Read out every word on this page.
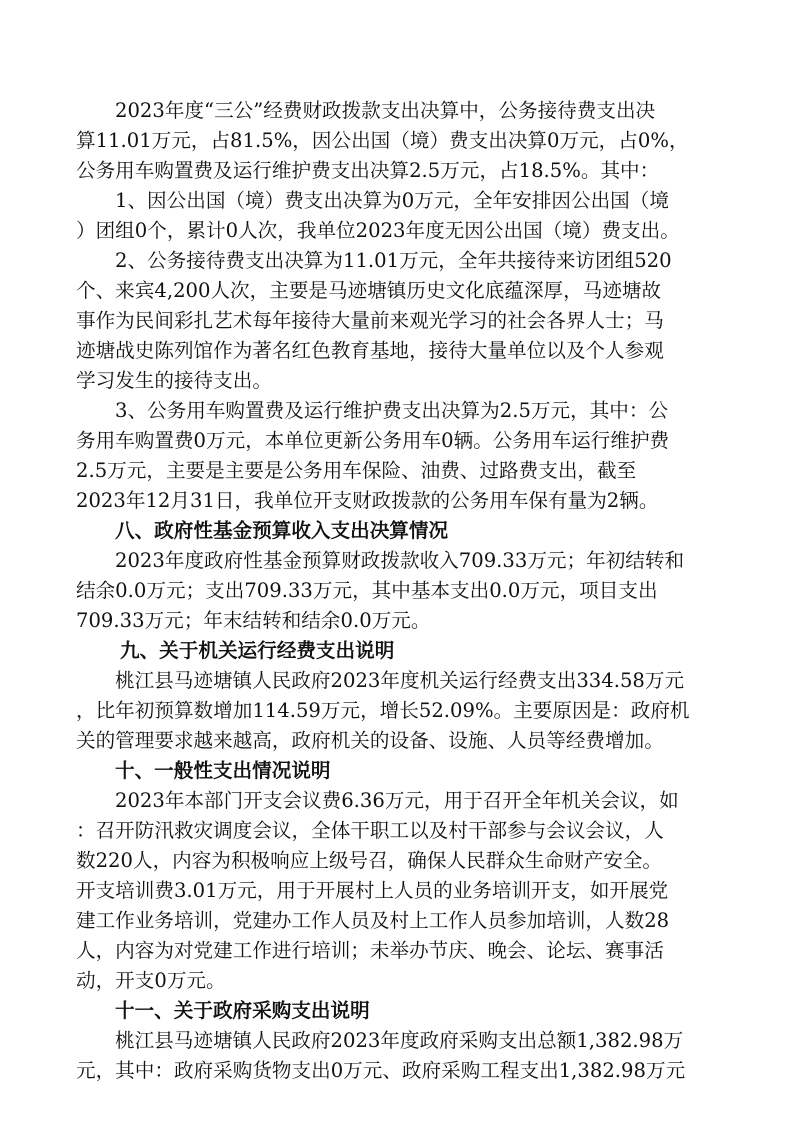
2023年度“三公”经费财政拨款支出决算中，公务接待费支出决
算11.01万元，占81.5%，因公出国（境）费支出决算0万元，占0%，
公务用车购置费及运行维护费支出决算2.5万元，占18.5%。其中：
1、因公出国（境）费支出决算为0万元，全年安排因公出国（境
）团组0个，累计0人次，我单位2023年度无因公出国（境）费支出。
2、公务接待费支出决算为11.01万元，全年共接待来访团组520
个、来宾4,200人次，主要是马迹塘镇历史文化底蕴深厚，马迹塘故
事作为民间彩扎艺术每年接待大量前来观光学习的社会各界人士；马
迹塘战史陈列馆作为著名红色教育基地，接待大量单位以及个人参观
学习发生的接待支出。
3、公务用车购置费及运行维护费支出决算为2.5万元，其中：公
务用车购置费0万元，本单位更新公务用车0辆。公务用车运行维护费
2.5万元，主要是主要是公务用车保险、油费、过路费支出，截至
2023年12月31日，我单位开支财政拨款的公务用车保有量为2辆。
八、政府性基金预算收入支出决算情况
2023年度政府性基金预算财政拨款收入709.33万元；年初结转和
结余0.0万元；支出709.33万元，其中基本支出0.0万元，项目支出
709.33万元；年末结转和结余0.0万元。
九、关于机关运行经费支出说明
桃江县马迹塘镇人民政府2023年度机关运行经费支出334.58万元
，比年初预算数增加114.59万元，增长52.09%。主要原因是：政府机
关的管理要求越来越高，政府机关的设备、设施、人员等经费增加。
十、一般性支出情况说明
2023年本部门开支会议费6.36万元，用于召开全年机关会议，如
：召开防汛救灾调度会议，全体干职工以及村干部参与会议会议，人
数220人，内容为积极响应上级号召，确保人民群众生命财产安全。
开支培训费3.01万元，用于开展村上人员的业务培训开支，如开展党
建工作业务培训，党建办工作人员及村上工作人员参加培训，人数28
人，内容为对党建工作进行培训；未举办节庆、晚会、论坛、赛事活
动，开支0万元。
十一、关于政府采购支出说明
桃江县马迹塘镇人民政府2023年度政府采购支出总额1,382.98万
元，其中：政府采购货物支出0万元、政府采购工程支出1,382.98万元
